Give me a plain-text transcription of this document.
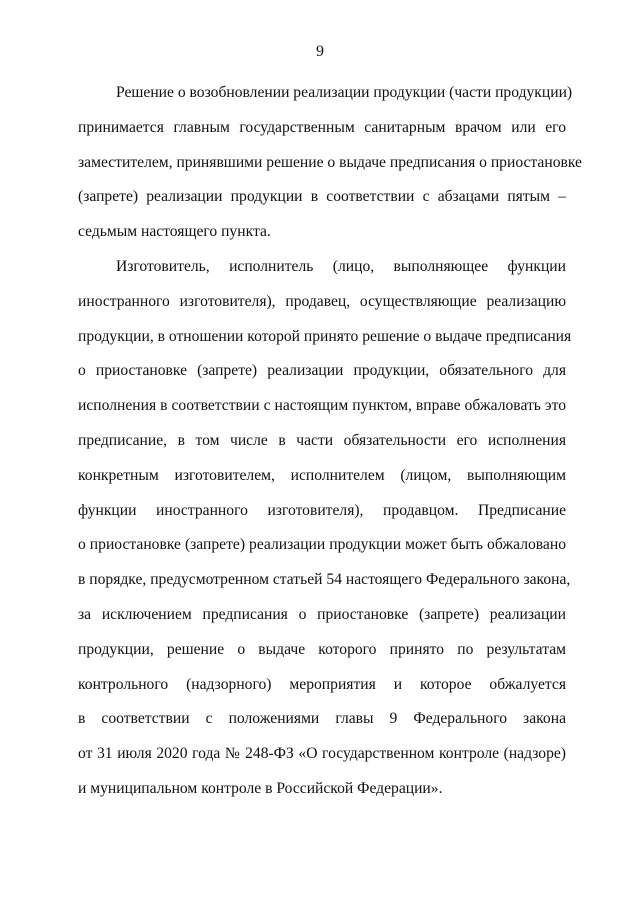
9
Решение о возобновлении реализации продукции (части продукции)
принимается главным государственным санитарным врачом или его
заместителем, принявшими решение о выдаче предписания о приостановке
(запрете) реализации продукции в соответствии с абзацами пятым –
седьмым настоящего пункта.
Изготовитель, исполнитель (лицо, выполняющее функции
иностранного изготовителя), продавец, осуществляющие реализацию
продукции, в отношении которой принято решение о выдаче предписания
о приостановке (запрете) реализации продукции, обязательного для
исполнения в соответствии с настоящим пунктом, вправе обжаловать это
предписание, в том числе в части обязательности его исполнения
конкретным изготовителем, исполнителем (лицом, выполняющим
функции иностранного изготовителя), продавцом. Предписание
о приостановке (запрете) реализации продукции может быть обжаловано
в порядке, предусмотренном статьей 54 настоящего Федерального закона,
за исключением предписания о приостановке (запрете) реализации
продукции, решение о выдаче которого принято по результатам
контрольного (надзорного) мероприятия и которое обжалуется
в соответствии с положениями главы 9 Федерального закона
от 31 июля 2020 года № 248-ФЗ «О государственном контроле (надзоре)
и муниципальном контроле в Российской Федерации».
